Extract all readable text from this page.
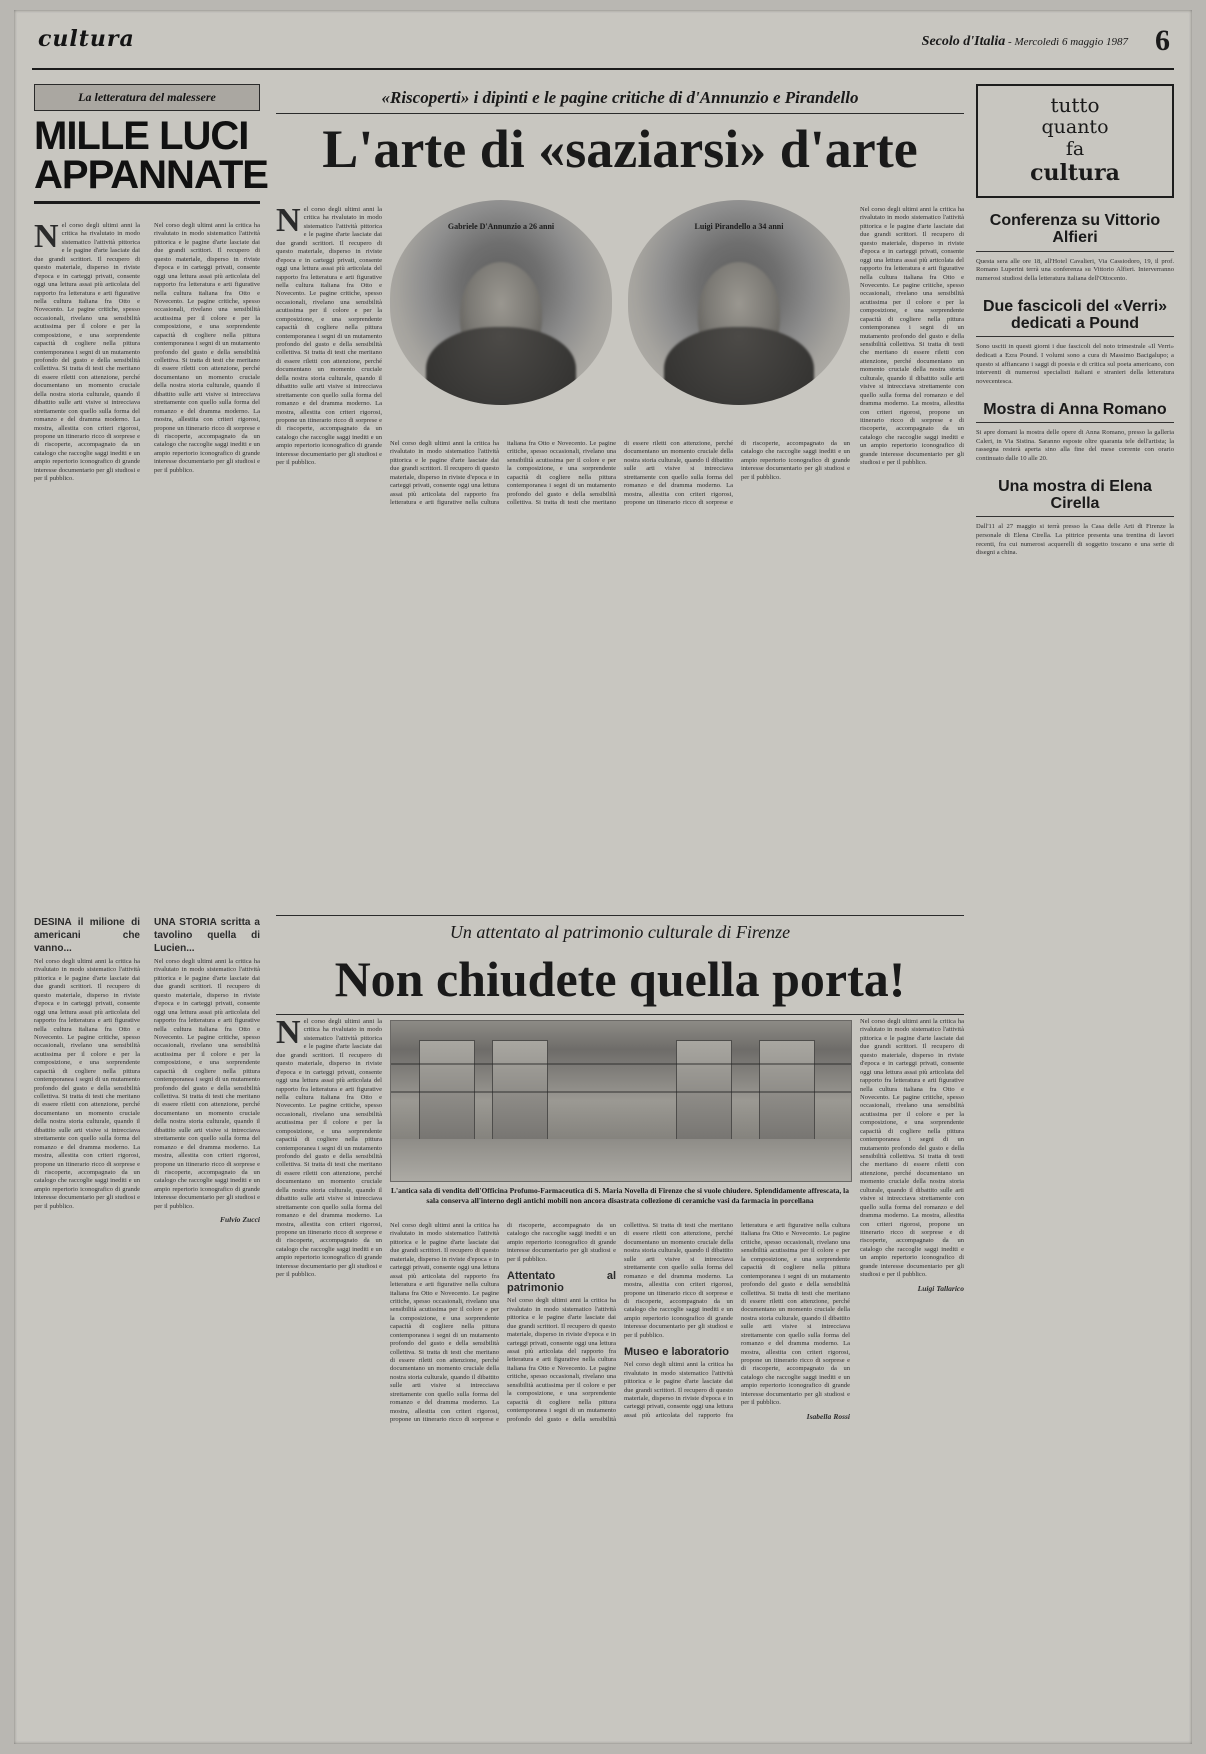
cultura	Secolo d'Italia - Mercoledì 6 maggio 1987 6
La letteratura del malessere
MILLE LUCI
APPANNATE
«Riscoperti» i dipinti e le pagine critiche di d'Annunzio e Pirandello
L'arte di «saziarsi» d'arte
tutto
quanto
fa
cultura
Conferenza su Vittorio Alfieri
Questa sera alle ore 18, all'Hotel Cavalieri, Via Cassiodoro, 19, il prof. Romano Luperini terrà una conferenza su Vittorio Alfieri. Interverranno numerosi studiosi della letteratura italiana dell'Ottocento.
Due fascicoli del «Verri» dedicati a Pound
Sono usciti in questi giorni i due fascicoli del noto trimestrale «Il Verri» dedicati a Ezra Pound. I volumi sono a cura di Massimo Bacigalupo; a questo si affiancano i saggi di poesia e di critica sul poeta americano, con interventi di numerosi specialisti italiani e stranieri della letteratura novecentesca.
Mostra di Anna Romano
Si apre domani la mostra delle opere di Anna Romano, presso la galleria Caleri, in Via Sistina. Saranno esposte oltre quaranta tele dell'artista; la rassegna resterà aperta sino alla fine del mese corrente con orario continuato dalle 10 alle 20.
Una mostra di Elena Cirella
Dall'11 al 27 maggio si terrà presso la Casa delle Arti di Firenze la personale di Elena Cirella. La pittrice presenta una trentina di lavori recenti, fra cui numerosi acquerelli di soggetto toscano e una serie di disegni a china.
Nel corso degli ultimi anni la critica ha rivalutato in modo sistematico l'attività pittorica e le pagine d'arte lasciate dai due grandi scrittori. Il recupero di questo materiale, disperso in riviste d'epoca e in carteggi privati, consente oggi una lettura assai più articolata del rapporto fra letteratura e arti figurative nella cultura italiana fra Otto e Novecento. Le pagine critiche, spesso occasionali, rivelano una sensibilità acutissima per il colore e per la composizione, e una sorprendente capacità di cogliere nella pittura contemporanea i segni di un mutamento profondo del gusto e della sensibilità collettiva. Si tratta di testi che meritano di essere riletti con attenzione, perché documentano un momento cruciale della nostra storia culturale, quando il dibattito sulle arti visive si intrecciava strettamente con quello sulla forma del romanzo e del dramma moderno. La mostra, allestita con criteri rigorosi, propone un itinerario ricco di sorprese e di riscoperte, accompagnato da un catalogo che raccoglie saggi inediti e un ampio repertorio iconografico di grande interesse documentario per gli studiosi e per il pubblico.
Nel corso degli ultimi anni la critica ha rivalutato in modo sistematico l'attività pittorica e le pagine d'arte lasciate dai due grandi scrittori. Il recupero di questo materiale, disperso in riviste d'epoca e in carteggi privati, consente oggi una lettura assai più articolata del rapporto fra letteratura e arti figurative nella cultura italiana fra Otto e Novecento. Le pagine critiche, spesso occasionali, rivelano una sensibilità acutissima per il colore e per la composizione, e una sorprendente capacità di cogliere nella pittura contemporanea i segni di un mutamento profondo del gusto e della sensibilità collettiva. Si tratta di testi che meritano di essere riletti con attenzione, perché documentano un momento cruciale della nostra storia culturale, quando il dibattito sulle arti visive si intrecciava strettamente con quello sulla forma del romanzo e del dramma moderno. La mostra, allestita con criteri rigorosi, propone un itinerario ricco di sorprese e di riscoperte, accompagnato da un catalogo che raccoglie saggi inediti e un ampio repertorio iconografico di grande interesse documentario per gli studiosi e per il pubblico.
Nel corso degli ultimi anni la critica ha rivalutato in modo sistematico l'attività pittorica e le pagine d'arte lasciate dai due grandi scrittori. Il recupero di questo materiale, disperso in riviste d'epoca e in carteggi privati, consente oggi una lettura assai più articolata del rapporto fra letteratura e arti figurative nella cultura italiana fra Otto e Novecento. Le pagine critiche, spesso occasionali, rivelano una sensibilità acutissima per il colore e per la composizione, e una sorprendente capacità di cogliere nella pittura contemporanea i segni di un mutamento profondo del gusto e della sensibilità collettiva. Si tratta di testi che meritano di essere riletti con attenzione, perché documentano un momento cruciale della nostra storia culturale, quando il dibattito sulle arti visive si intrecciava strettamente con quello sulla forma del romanzo e del dramma moderno. La mostra, allestita con criteri rigorosi, propone un itinerario ricco di sorprese e di riscoperte, accompagnato da un catalogo che raccoglie saggi inediti e un ampio repertorio iconografico di grande interesse documentario per gli studiosi e per il pubblico.
Gabriele D'Annunzio a 26 anni	Luigi Pirandello a 34 anni
Nel corso degli ultimi anni la critica ha rivalutato in modo sistematico l'attività pittorica e le pagine d'arte lasciate dai due grandi scrittori. Il recupero di questo materiale, disperso in riviste d'epoca e in carteggi privati, consente oggi una lettura assai più articolata del rapporto fra letteratura e arti figurative nella cultura italiana fra Otto e Novecento. Le pagine critiche, spesso occasionali, rivelano una sensibilità acutissima per il colore e per la composizione, e una sorprendente capacità di cogliere nella pittura contemporanea i segni di un mutamento profondo del gusto e della sensibilità collettiva. Si tratta di testi che meritano di essere riletti con attenzione, perché documentano un momento cruciale della nostra storia culturale, quando il dibattito sulle arti visive si intrecciava strettamente con quello sulla forma del romanzo e del dramma moderno. La mostra, allestita con criteri rigorosi, propone un itinerario ricco di sorprese e di riscoperte, accompagnato da un catalogo che raccoglie saggi inediti e un ampio repertorio iconografico di grande interesse documentario per gli studiosi e per il pubblico.
Nel corso degli ultimi anni la critica ha rivalutato in modo sistematico l'attività pittorica e le pagine d'arte lasciate dai due grandi scrittori. Il recupero di questo materiale, disperso in riviste d'epoca e in carteggi privati, consente oggi una lettura assai più articolata del rapporto fra letteratura e arti figurative nella cultura italiana fra Otto e Novecento. Le pagine critiche, spesso occasionali, rivelano una sensibilità acutissima per il colore e per la composizione, e una sorprendente capacità di cogliere nella pittura contemporanea i segni di un mutamento profondo del gusto e della sensibilità collettiva. Si tratta di testi che meritano di essere riletti con attenzione, perché documentano un momento cruciale della nostra storia culturale, quando il dibattito sulle arti visive si intrecciava strettamente con quello sulla forma del romanzo e del dramma moderno. La mostra, allestita con criteri rigorosi, propone un itinerario ricco di sorprese e di riscoperte, accompagnato da un catalogo che raccoglie saggi inediti e un ampio repertorio iconografico di grande interesse documentario per gli studiosi e per il pubblico.
Un attentato al patrimonio culturale di Firenze
Non chiudete quella porta!
Nel corso degli ultimi anni la critica ha rivalutato in modo sistematico l'attività pittorica e le pagine d'arte lasciate dai due grandi scrittori. Il recupero di questo materiale, disperso in riviste d'epoca e in carteggi privati, consente oggi una lettura assai più articolata del rapporto fra letteratura e arti figurative nella cultura italiana fra Otto e Novecento. Le pagine critiche, spesso occasionali, rivelano una sensibilità acutissima per il colore e per la composizione, e una sorprendente capacità di cogliere nella pittura contemporanea i segni di un mutamento profondo del gusto e della sensibilità collettiva. Si tratta di testi che meritano di essere riletti con attenzione, perché documentano un momento cruciale della nostra storia culturale, quando il dibattito sulle arti visive si intrecciava strettamente con quello sulla forma del romanzo e del dramma moderno. La mostra, allestita con criteri rigorosi, propone un itinerario ricco di sorprese e di riscoperte, accompagnato da un catalogo che raccoglie saggi inediti e un ampio repertorio iconografico di grande interesse documentario per gli studiosi e per il pubblico.
L'antica sala di vendita dell'Officina Profumo-Farmaceutica di S. Maria Novella di Firenze che si vuole chiudere. Splendidamente affrescata, la sala conserva all'interno degli antichi mobili non ancora disastrata collezione di ceramiche vasi da farmacia in porcellana
Nel corso degli ultimi anni la critica ha rivalutato in modo sistematico l'attività pittorica e le pagine d'arte lasciate dai due grandi scrittori. Il recupero di questo materiale, disperso in riviste d'epoca e in carteggi privati, consente oggi una lettura assai più articolata del rapporto fra letteratura e arti figurative nella cultura italiana fra Otto e Novecento. Le pagine critiche, spesso occasionali, rivelano una sensibilità acutissima per il colore e per la composizione, e una sorprendente capacità di cogliere nella pittura contemporanea i segni di un mutamento profondo del gusto e della sensibilità collettiva. Si tratta di testi che meritano di essere riletti con attenzione, perché documentano un momento cruciale della nostra storia culturale, quando il dibattito sulle arti visive si intrecciava strettamente con quello sulla forma del romanzo e del dramma moderno. La mostra, allestita con criteri rigorosi, propone un itinerario ricco di sorprese e di riscoperte, accompagnato da un catalogo che raccoglie saggi inediti e un ampio repertorio iconografico di grande interesse documentario per gli studiosi e per il pubblico.
Attentato al patrimonio
Nel corso degli ultimi anni la critica ha rivalutato in modo sistematico l'attività pittorica e le pagine d'arte lasciate dai due grandi scrittori. Il recupero di questo materiale, disperso in riviste d'epoca e in carteggi privati, consente oggi una lettura assai più articolata del rapporto fra letteratura e arti figurative nella cultura italiana fra Otto e Novecento. Le pagine critiche, spesso occasionali, rivelano una sensibilità acutissima per il colore e per la composizione, e una sorprendente capacità di cogliere nella pittura contemporanea i segni di un mutamento profondo del gusto e della sensibilità collettiva. Si tratta di testi che meritano di essere riletti con attenzione, perché documentano un momento cruciale della nostra storia culturale, quando il dibattito sulle arti visive si intrecciava strettamente con quello sulla forma del romanzo e del dramma moderno. La mostra, allestita con criteri rigorosi, propone un itinerario ricco di sorprese e di riscoperte, accompagnato da un catalogo che raccoglie saggi inediti e un ampio repertorio iconografico di grande interesse documentario per gli studiosi e per il pubblico.
Museo e laboratorio
Nel corso degli ultimi anni la critica ha rivalutato in modo sistematico l'attività pittorica e le pagine d'arte lasciate dai due grandi scrittori. Il recupero di questo materiale, disperso in riviste d'epoca e in carteggi privati, consente oggi una lettura assai più articolata del rapporto fra letteratura e arti figurative nella cultura italiana fra Otto e Novecento. Le pagine critiche, spesso occasionali, rivelano una sensibilità acutissima per il colore e per la composizione, e una sorprendente capacità di cogliere nella pittura contemporanea i segni di un mutamento profondo del gusto e della sensibilità collettiva. Si tratta di testi che meritano di essere riletti con attenzione, perché documentano un momento cruciale della nostra storia culturale, quando il dibattito sulle arti visive si intrecciava strettamente con quello sulla forma del romanzo e del dramma moderno. La mostra, allestita con criteri rigorosi, propone un itinerario ricco di sorprese e di riscoperte, accompagnato da un catalogo che raccoglie saggi inediti e un ampio repertorio iconografico di grande interesse documentario per gli studiosi e per il pubblico.
Isabella Rossi
Nel corso degli ultimi anni la critica ha rivalutato in modo sistematico l'attività pittorica e le pagine d'arte lasciate dai due grandi scrittori. Il recupero di questo materiale, disperso in riviste d'epoca e in carteggi privati, consente oggi una lettura assai più articolata del rapporto fra letteratura e arti figurative nella cultura italiana fra Otto e Novecento. Le pagine critiche, spesso occasionali, rivelano una sensibilità acutissima per il colore e per la composizione, e una sorprendente capacità di cogliere nella pittura contemporanea i segni di un mutamento profondo del gusto e della sensibilità collettiva. Si tratta di testi che meritano di essere riletti con attenzione, perché documentano un momento cruciale della nostra storia culturale, quando il dibattito sulle arti visive si intrecciava strettamente con quello sulla forma del romanzo e del dramma moderno. La mostra, allestita con criteri rigorosi, propone un itinerario ricco di sorprese e di riscoperte, accompagnato da un catalogo che raccoglie saggi inediti e un ampio repertorio iconografico di grande interesse documentario per gli studiosi e per il pubblico.
Luigi Tallarico
DESINA il milione di americani che vanno...
Nel corso degli ultimi anni la critica ha rivalutato in modo sistematico l'attività pittorica e le pagine d'arte lasciate dai due grandi scrittori. Il recupero di questo materiale, disperso in riviste d'epoca e in carteggi privati, consente oggi una lettura assai più articolata del rapporto fra letteratura e arti figurative nella cultura italiana fra Otto e Novecento. Le pagine critiche, spesso occasionali, rivelano una sensibilità acutissima per il colore e per la composizione, e una sorprendente capacità di cogliere nella pittura contemporanea i segni di un mutamento profondo del gusto e della sensibilità collettiva. Si tratta di testi che meritano di essere riletti con attenzione, perché documentano un momento cruciale della nostra storia culturale, quando il dibattito sulle arti visive si intrecciava strettamente con quello sulla forma del romanzo e del dramma moderno. La mostra, allestita con criteri rigorosi, propone un itinerario ricco di sorprese e di riscoperte, accompagnato da un catalogo che raccoglie saggi inediti e un ampio repertorio iconografico di grande interesse documentario per gli studiosi e per il pubblico.
UNA STORIA scritta a tavolino quella di Lucien...
Nel corso degli ultimi anni la critica ha rivalutato in modo sistematico l'attività pittorica e le pagine d'arte lasciate dai due grandi scrittori. Il recupero di questo materiale, disperso in riviste d'epoca e in carteggi privati, consente oggi una lettura assai più articolata del rapporto fra letteratura e arti figurative nella cultura italiana fra Otto e Novecento. Le pagine critiche, spesso occasionali, rivelano una sensibilità acutissima per il colore e per la composizione, e una sorprendente capacità di cogliere nella pittura contemporanea i segni di un mutamento profondo del gusto e della sensibilità collettiva. Si tratta di testi che meritano di essere riletti con attenzione, perché documentano un momento cruciale della nostra storia culturale, quando il dibattito sulle arti visive si intrecciava strettamente con quello sulla forma del romanzo e del dramma moderno. La mostra, allestita con criteri rigorosi, propone un itinerario ricco di sorprese e di riscoperte, accompagnato da un catalogo che raccoglie saggi inediti e un ampio repertorio iconografico di grande interesse documentario per gli studiosi e per il pubblico.
Fulvio Zucci
